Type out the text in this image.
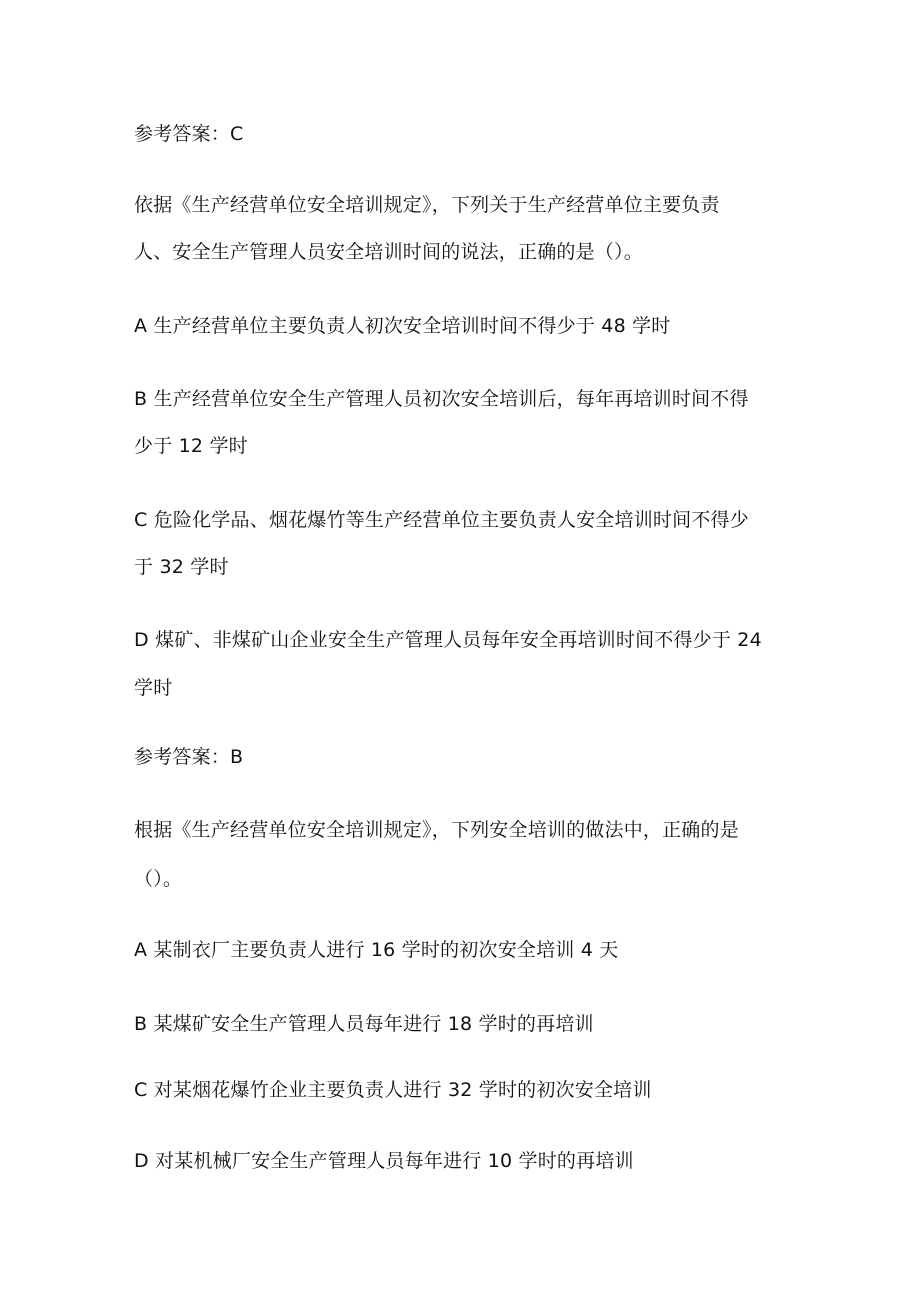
参考答案：C
依据《生产经营单位安全培训规定》，下列关于生产经营单位主要负责
人、安全生产管理人员安全培训时间的说法，正确的是（）。
A 生产经营单位主要负责人初次安全培训时间不得少于 48 学时
B 生产经营单位安全生产管理人员初次安全培训后，每年再培训时间不得
少于 12 学时
C 危险化学品、烟花爆竹等生产经营单位主要负责人安全培训时间不得少
于 32 学时
D 煤矿、非煤矿山企业安全生产管理人员每年安全再培训时间不得少于 24
学时
参考答案：B
根据《生产经营单位安全培训规定》，下列安全培训的做法中，正确的是
（）。
A 某制衣厂主要负责人进行 16 学时的初次安全培训 4 天
B 某煤矿安全生产管理人员每年进行 18 学时的再培训
C 对某烟花爆竹企业主要负责人进行 32 学时的初次安全培训
D 对某机械厂安全生产管理人员每年进行 10 学时的再培训
